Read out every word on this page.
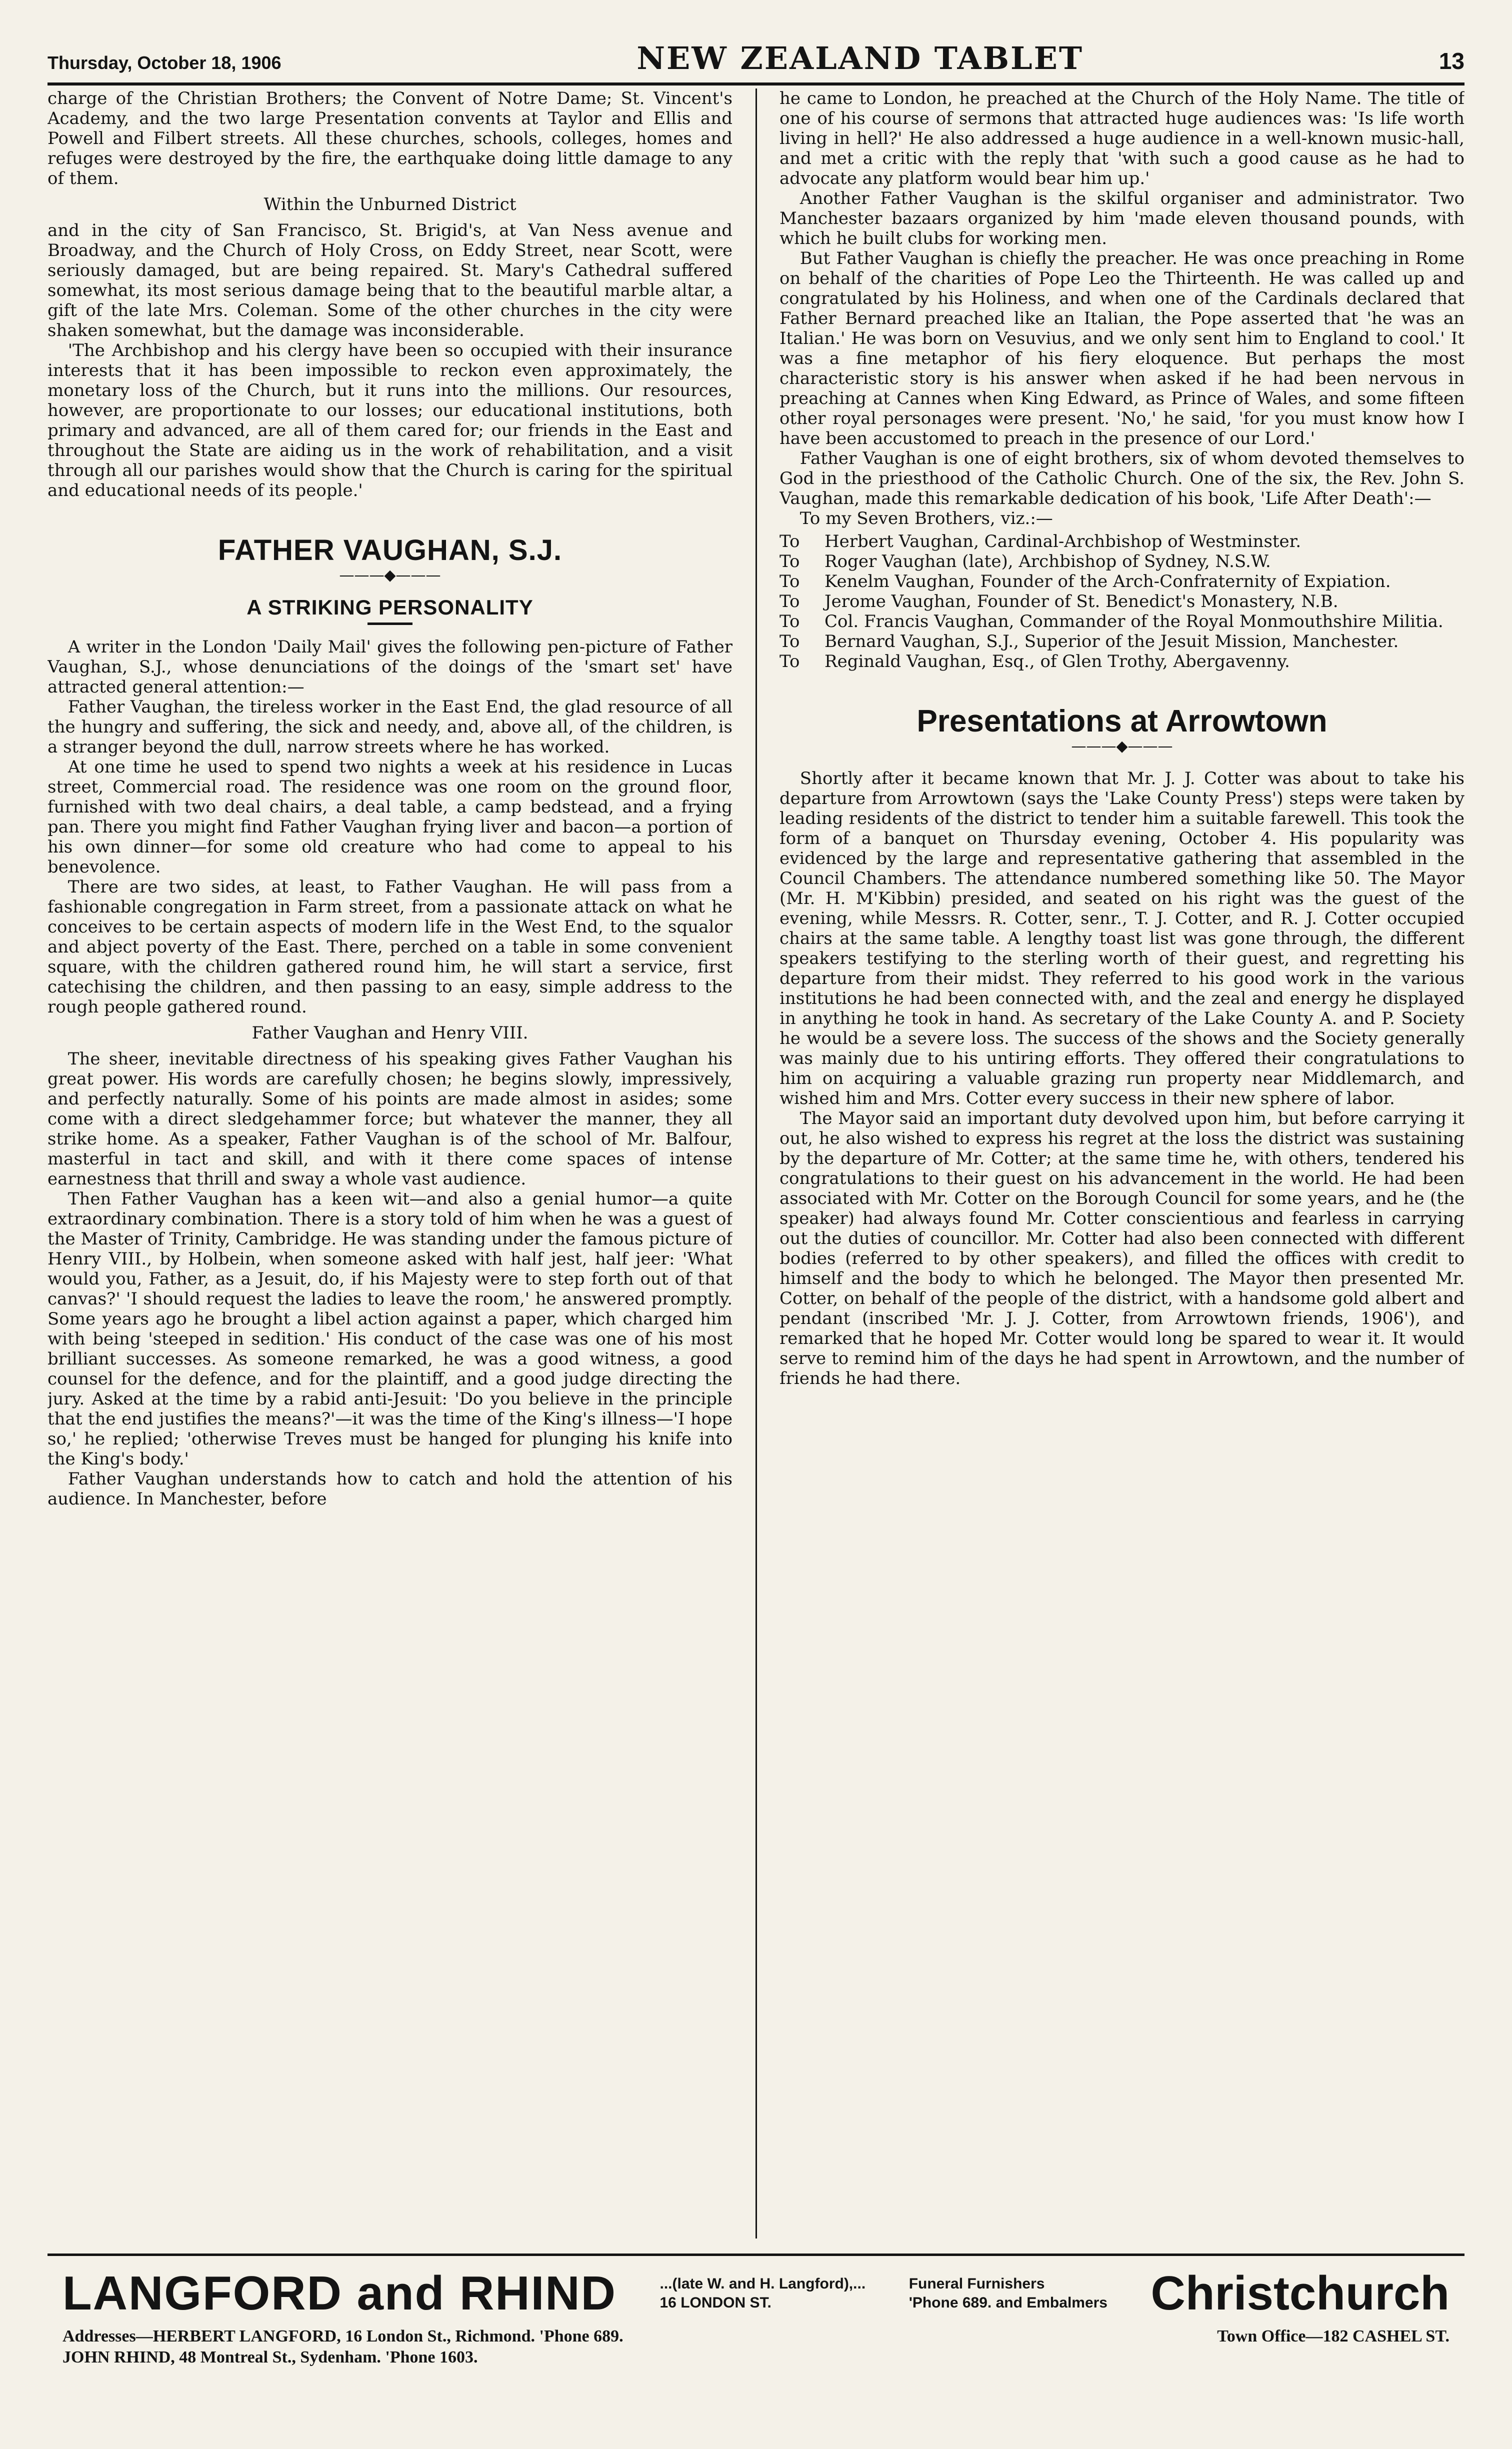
Thursday, October 18, 1906	NEW ZEALAND TABLET	13

charge of the Christian Brothers; the Convent of Notre Dame; St. Vincent's Academy, and the two large Presentation convents at Taylor and Ellis and Powell and Filbert streets. All these churches, schools, colleges, homes and refuges were destroyed by the fire, the earthquake doing little damage to any of them.

Within the Unburned District

and in the city of San Francisco, St. Brigid's, at Van Ness avenue and Broadway, and the Church of Holy Cross, on Eddy Street, near Scott, were seriously damaged, but are being repaired. St. Mary's Cathedral suffered somewhat, its most serious damage being that to the beautiful marble altar, a gift of the late Mrs. Coleman. Some of the other churches in the city were shaken somewhat, but the damage was inconsiderable.

'The Archbishop and his clergy have been so occupied with their insurance interests that it has been impossible to reckon even approximately, the monetary loss of the Church, but it runs into the millions. Our resources, however, are proportionate to our losses; our educational institutions, both primary and advanced, are all of them cared for; our friends in the East and throughout the State are aiding us in the work of rehabilitation, and a visit through all our parishes would show that the Church is caring for the spiritual and educational needs of its people.'

FATHER VAUGHAN, S.J.
———◆———
A STRIKING PERSONALITY

A writer in the London 'Daily Mail' gives the following pen-picture of Father Vaughan, S.J., whose denunciations of the doings of the 'smart set' have attracted general attention:—

Father Vaughan, the tireless worker in the East End, the glad resource of all the hungry and suffering, the sick and needy, and, above all, of the children, is a stranger beyond the dull, narrow streets where he has worked.

At one time he used to spend two nights a week at his residence in Lucas street, Commercial road. The residence was one room on the ground floor, furnished with two deal chairs, a deal table, a camp bedstead, and a frying pan. There you might find Father Vaughan frying liver and bacon—a portion of his own dinner—for some old creature who had come to appeal to his benevolence.

There are two sides, at least, to Father Vaughan. He will pass from a fashionable congregation in Farm street, from a passionate attack on what he conceives to be certain aspects of modern life in the West End, to the squalor and abject poverty of the East. There, perched on a table in some convenient square, with the children gathered round him, he will start a service, first catechising the children, and then passing to an easy, simple address to the rough people gathered round.

Father Vaughan and Henry VIII.

The sheer, inevitable directness of his speaking gives Father Vaughan his great power. His words are carefully chosen; he begins slowly, impressively, and perfectly naturally. Some of his points are made almost in asides; some come with a direct sledgehammer force; but whatever the manner, they all strike home. As a speaker, Father Vaughan is of the school of Mr. Balfour, masterful in tact and skill, and with it there come spaces of intense earnestness that thrill and sway a whole vast audience.

Then Father Vaughan has a keen wit—and also a genial humor—a quite extraordinary combination. There is a story told of him when he was a guest of the Master of Trinity, Cambridge. He was standing under the famous picture of Henry VIII., by Holbein, when someone asked with half jest, half jeer: 'What would you, Father, as a Jesuit, do, if his Majesty were to step forth out of that canvas?' 'I should request the ladies to leave the room,' he answered promptly. Some years ago he brought a libel action against a paper, which charged him with being 'steeped in sedition.' His conduct of the case was one of his most brilliant successes. As someone remarked, he was a good witness, a good counsel for the defence, and for the plaintiff, and a good judge directing the jury. Asked at the time by a rabid anti-Jesuit: 'Do you believe in the principle that the end justifies the means?'—it was the time of the King's illness—'I hope so,' he replied; 'otherwise Treves must be hanged for plunging his knife into the King's body.'

Father Vaughan understands how to catch and hold the attention of his audience. In Manchester, before

he came to London, he preached at the Church of the Holy Name. The title of one of his course of sermons that attracted huge audiences was: 'Is life worth living in hell?' He also addressed a huge audience in a well-known music-hall, and met a critic with the reply that 'with such a good cause as he had to advocate any platform would bear him up.'

Another Father Vaughan is the skilful organiser and administrator. Two Manchester bazaars organized by him 'made eleven thousand pounds, with which he built clubs for working men.

But Father Vaughan is chiefly the preacher. He was once preaching in Rome on behalf of the charities of Pope Leo the Thirteenth. He was called up and congratulated by his Holiness, and when one of the Cardinals declared that Father Bernard preached like an Italian, the Pope asserted that 'he was an Italian.' He was born on Vesuvius, and we only sent him to England to cool.' It was a fine metaphor of his fiery eloquence. But perhaps the most characteristic story is his answer when asked if he had been nervous in preaching at Cannes when King Edward, as Prince of Wales, and some fifteen other royal personages were present. 'No,' he said, 'for you must know how I have been accustomed to preach in the presence of our Lord.'

Father Vaughan is one of eight brothers, six of whom devoted themselves to God in the priesthood of the Catholic Church. One of the six, the Rev. John S. Vaughan, made this remarkable dedication of his book, 'Life After Death':—

To my Seven Brothers, viz.:—

To	Herbert Vaughan, Cardinal-Archbishop of Westminster.
To	Roger Vaughan (late), Archbishop of Sydney, N.S.W.
To	Kenelm Vaughan, Founder of the Arch-Confraternity of Expiation.
To	Jerome Vaughan, Founder of St. Benedict's Monastery, N.B.
To	Col. Francis Vaughan, Commander of the Royal Monmouthshire Militia.
To	Bernard Vaughan, S.J., Superior of the Jesuit Mission, Manchester.
To	Reginald Vaughan, Esq., of Glen Trothy, Abergavenny.
Presentations at Arrowtown
———◆———

Shortly after it became known that Mr. J. J. Cotter was about to take his departure from Arrowtown (says the 'Lake County Press') steps were taken by leading residents of the district to tender him a suitable farewell. This took the form of a banquet on Thursday evening, October 4. His popularity was evidenced by the large and representative gathering that assembled in the Council Chambers. The attendance numbered something like 50. The Mayor (Mr. H. M'Kibbin) presided, and seated on his right was the guest of the evening, while Messrs. R. Cotter, senr., T. J. Cotter, and R. J. Cotter occupied chairs at the same table. A lengthy toast list was gone through, the different speakers testifying to the sterling worth of their guest, and regretting his departure from their midst. They referred to his good work in the various institutions he had been connected with, and the zeal and energy he displayed in anything he took in hand. As secretary of the Lake County A. and P. Society he would be a severe loss. The success of the shows and the Society generally was mainly due to his untiring efforts. They offered their congratulations to him on acquiring a valuable grazing run property near Middlemarch, and wished him and Mrs. Cotter every success in their new sphere of labor.

The Mayor said an important duty devolved upon him, but before carrying it out, he also wished to express his regret at the loss the district was sustaining by the departure of Mr. Cotter; at the same time he, with others, tendered his congratulations to their guest on his advancement in the world. He had been associated with Mr. Cotter on the Borough Council for some years, and he (the speaker) had always found Mr. Cotter conscientious and fearless in carrying out the duties of councillor. Mr. Cotter had also been connected with different bodies (referred to by other speakers), and filled the offices with credit to himself and the body to which he belonged. The Mayor then presented Mr. Cotter, on behalf of the people of the district, with a handsome gold albert and pendant (inscribed 'Mr. J. J. Cotter, from Arrowtown friends, 1906'), and remarked that he hoped Mr. Cotter would long be spared to wear it. It would serve to remind him of the days he had spent in Arrowtown, and the number of friends he had there.

LANGFORD and RHIND	...(late W. and H. Langford),...
16 LONDON ST.
Funeral Furnishers
'Phone 689. and Embalmers Christchurch
Addresses—HERBERT LANGFORD, 16 London St., Richmond. 'Phone 689.
JOHN RHIND, 48 Montreal St., Sydenham. 'Phone 1603.
Town Office—182 CASHEL ST.
